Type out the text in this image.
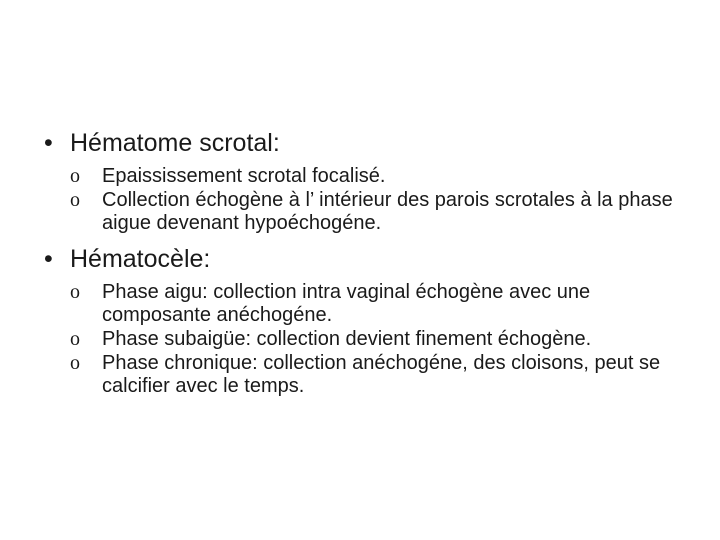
• Hématome scrotal:

o Epaississement scrotal focalisé.
o Collection échogène à l’ intérieur des parois scrotales à la phase aigue devenant hypoéchogéne.

• Hématocèle:

o Phase aigu: collection intra vaginal échogène avec une composante anéchogéne.
o Phase subaigüe: collection devient finement échogène.
o Phase chronique: collection anéchogéne, des cloisons, peut se calcifier avec le temps.
